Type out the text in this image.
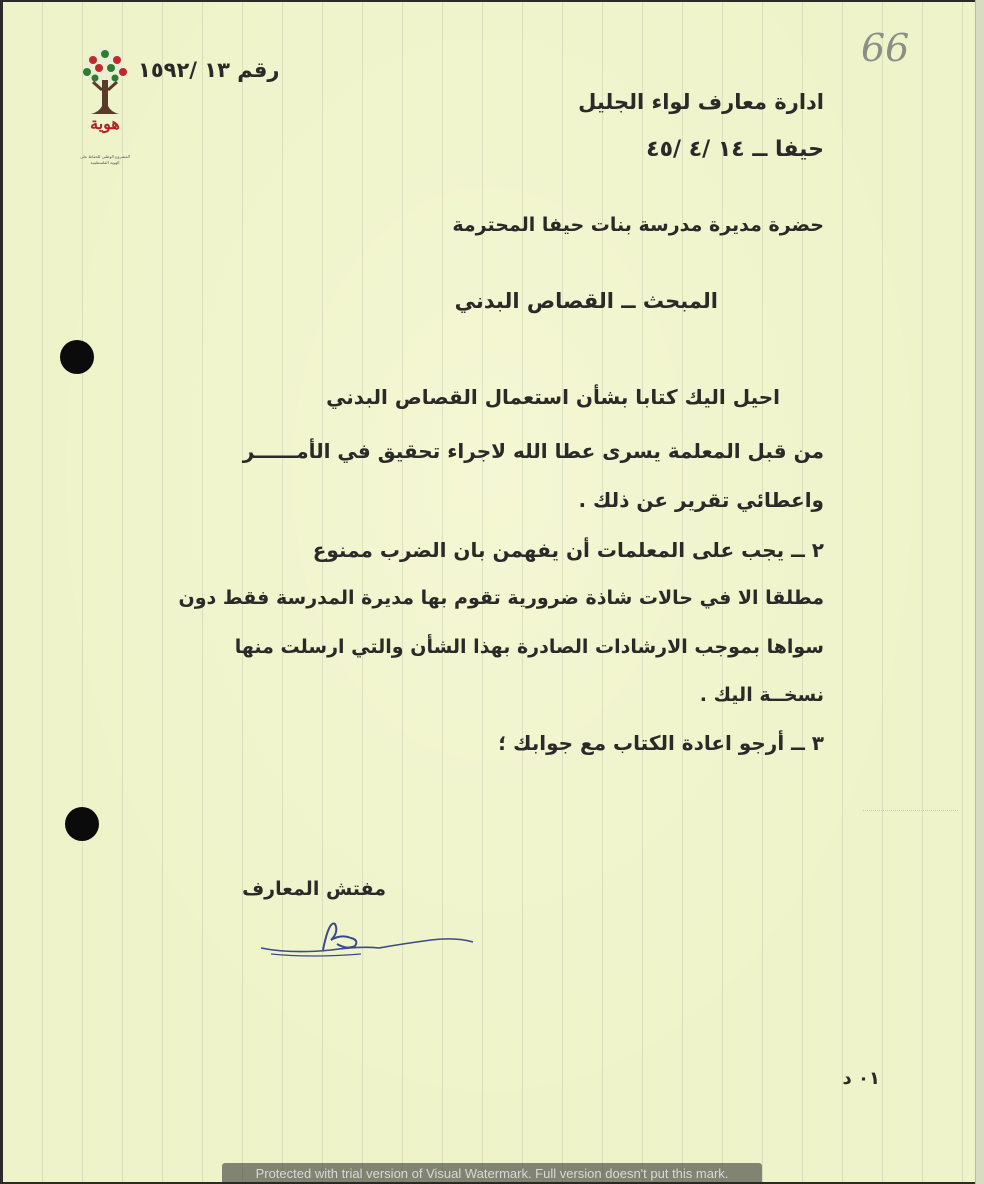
هوية
المشروع الوطني للحفاظ على
الهوية الفلسطينية
رقم ١٣ /١٥٩٢	66
ادارة معارف لواء الجليل
حيفا ــ ١٤ /٤ /٤٥
حضرة مديرة مدرسة بنات حيفا المحترمة
المبحث ــ القصاص البدني
احيل اليك كتابا بشأن استعمال القصاص البدني
من قبل المعلمة يسرى عطا الله لاجراء تحقيق في الأمــــــر
واعطائي تقرير عن ذلك .
٢ ــ يجب على المعلمات أن يفهمن بان الضرب ممنوع
مطلقا الا في حالات شاذة ضرورية تقوم بها مديرة المدرسة فقط دون
سواها بموجب الارشادات الصادرة بهذا الشأن والتي ارسلت منها
نسخــة اليك .
٣ ــ أرجو اعادة الكتاب مع جوابك ؛
مفتش المعارف
٠١ د
Protected with trial version of Visual Watermark. Full version doesn't put this mark.
